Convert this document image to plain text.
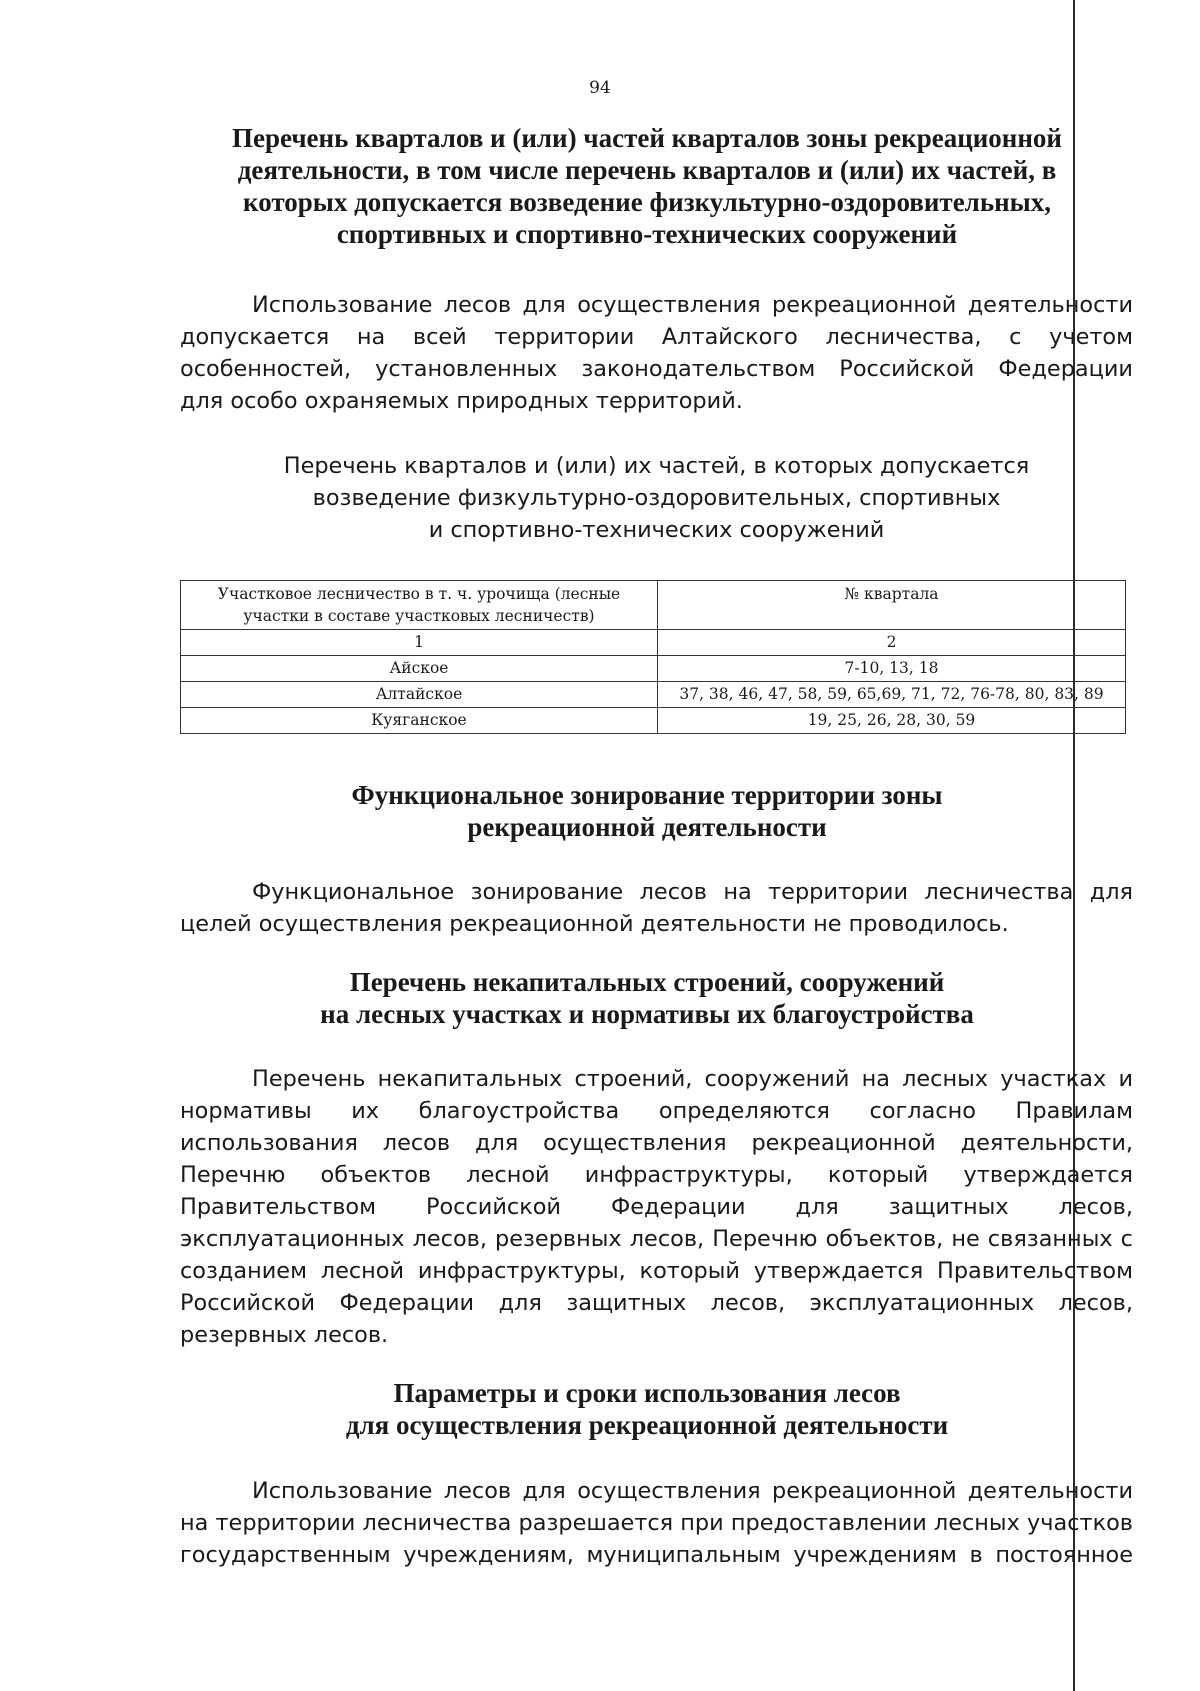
94
Перечень кварталов и (или) частей кварталов зоны рекреационной
деятельности, в том числе перечень кварталов и (или) их частей, в
которых допускается возведение физкультурно-оздоровительных,
спортивных и спортивно-технических сооружений
Использование лесов для осуществления рекреационной деятельности
допускается на всей территории Алтайского лесничества, с учетом
особенностей, установленных законодательством Российской Федерации
для особо охраняемых природных территорий.
Перечень кварталов и (или) их частей, в которых допускается
возведение физкультурно-оздоровительных, спортивных
и спортивно-технических сооружений
Участковое лесничество в т. ч. урочища (лесные участки в составе участковых лесничеств)	№ квартала
1	2
Айское	7-10, 13, 18
Алтайское	37, 38, 46, 47, 58, 59, 65,69, 71, 72, 76-78, 80, 83, 89
Куяганское	19, 25, 26, 28, 30, 59
Функциональное зонирование территории зоны
рекреационной деятельности
Функциональное зонирование лесов на территории лесничества для
целей осуществления рекреационной деятельности не проводилось.
Перечень некапитальных строений, сооружений
на лесных участках и нормативы их благоустройства
Перечень некапитальных строений, сооружений на лесных участках и
нормативы их благоустройства определяются согласно Правилам
использования лесов для осуществления рекреационной деятельности,
Перечню объектов лесной инфраструктуры, который утверждается
Правительством Российской Федерации для защитных лесов,
эксплуатационных лесов, резервных лесов, Перечню объектов, не связанных с
созданием лесной инфраструктуры, который утверждается Правительством
Российской Федерации для защитных лесов, эксплуатационных лесов,
резервных лесов.
Параметры и сроки использования лесов
для осуществления рекреационной деятельности
Использование лесов для осуществления рекреационной деятельности
на территории лесничества разрешается при предоставлении лесных участков
государственным учреждениям, муниципальным учреждениям в постоянное
